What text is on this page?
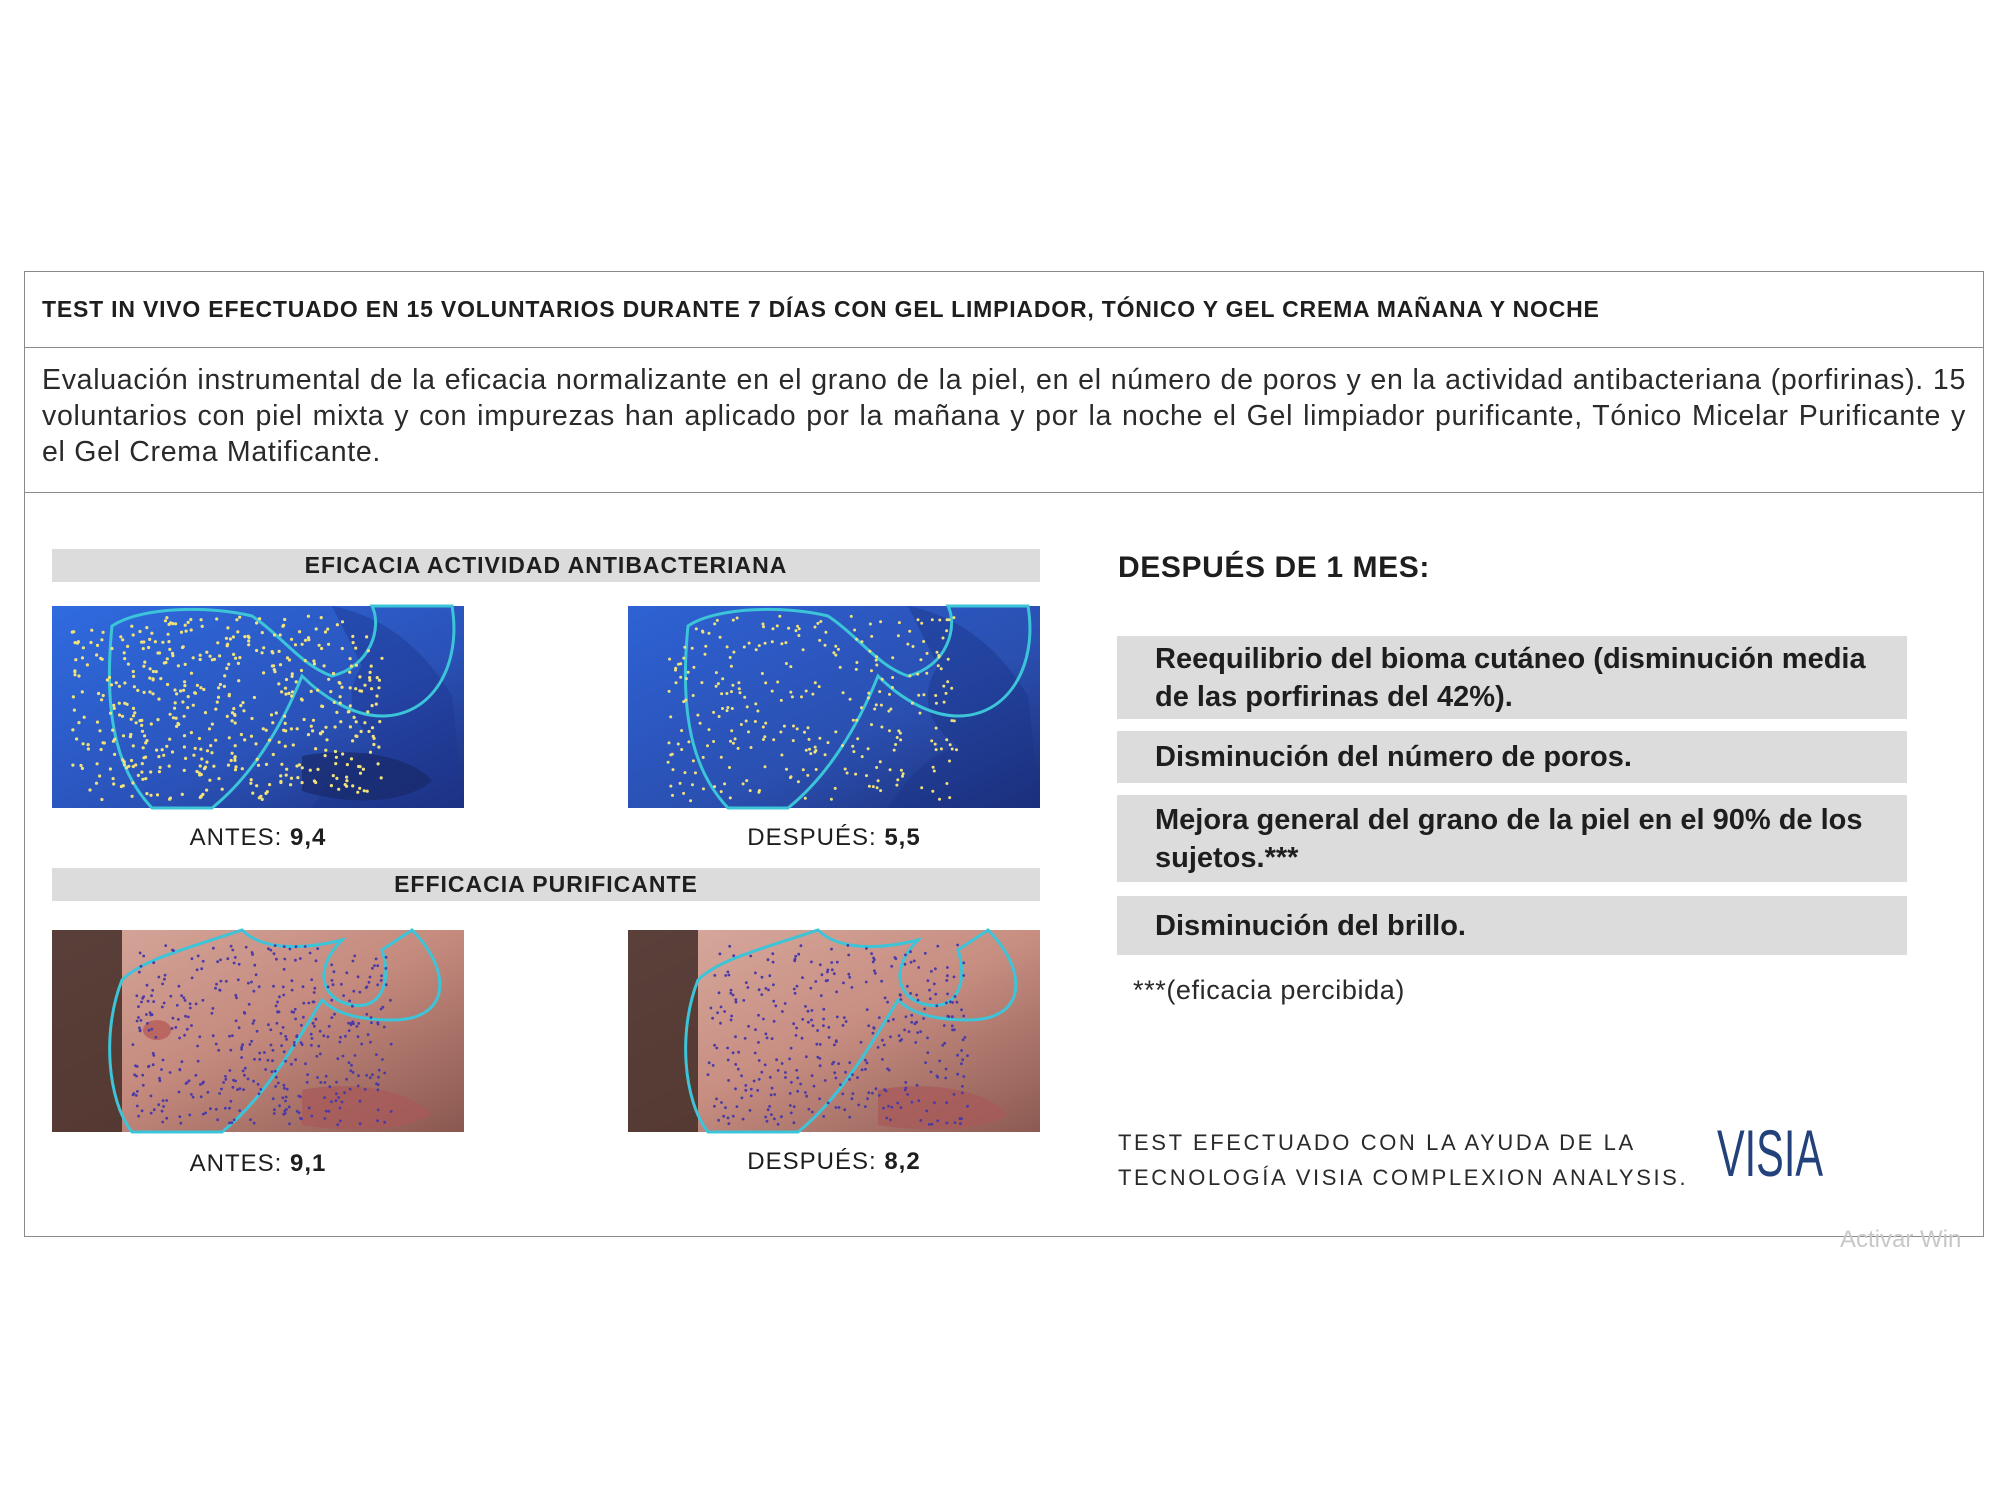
TEST IN VIVO EFECTUADO EN 15 VOLUNTARIOS DURANTE 7 DÍAS CON GEL LIMPIADOR, TÓNICO Y GEL CREMA MAÑANA Y NOCHE

Evaluación instrumental de la eficacia normalizante en el grano de la piel, en el número de poros y en la actividad antibacteriana (porfirinas). 15 voluntarios con piel mixta y con impurezas han aplicado por la mañana y por la noche el Gel limpiador purificante, Tónico Micelar Purificante y el Gel Crema Matificante.

EFICACIA ACTIVIDAD ANTIBACTERIANA
ANTES: 9,4	DESPUÉS: 5,5
EFFICACIA PURIFICANTE
ANTES: 9,1	DESPUÉS: 8,2
DESPUÉS DE 1 MES:
Reequilibrio del bioma cutáneo (disminución media de las porfirinas del 42%).
Disminución del número de poros.
Mejora general del grano de la piel en el 90% de los sujetos.***
Disminución del brillo.
***(eficacia percibida)
TEST EFECTUADO CON LA AYUDA DE LA
TECNOLOGÍA VISIA COMPLEXION ANALYSIS. VISIA
Activar Win
